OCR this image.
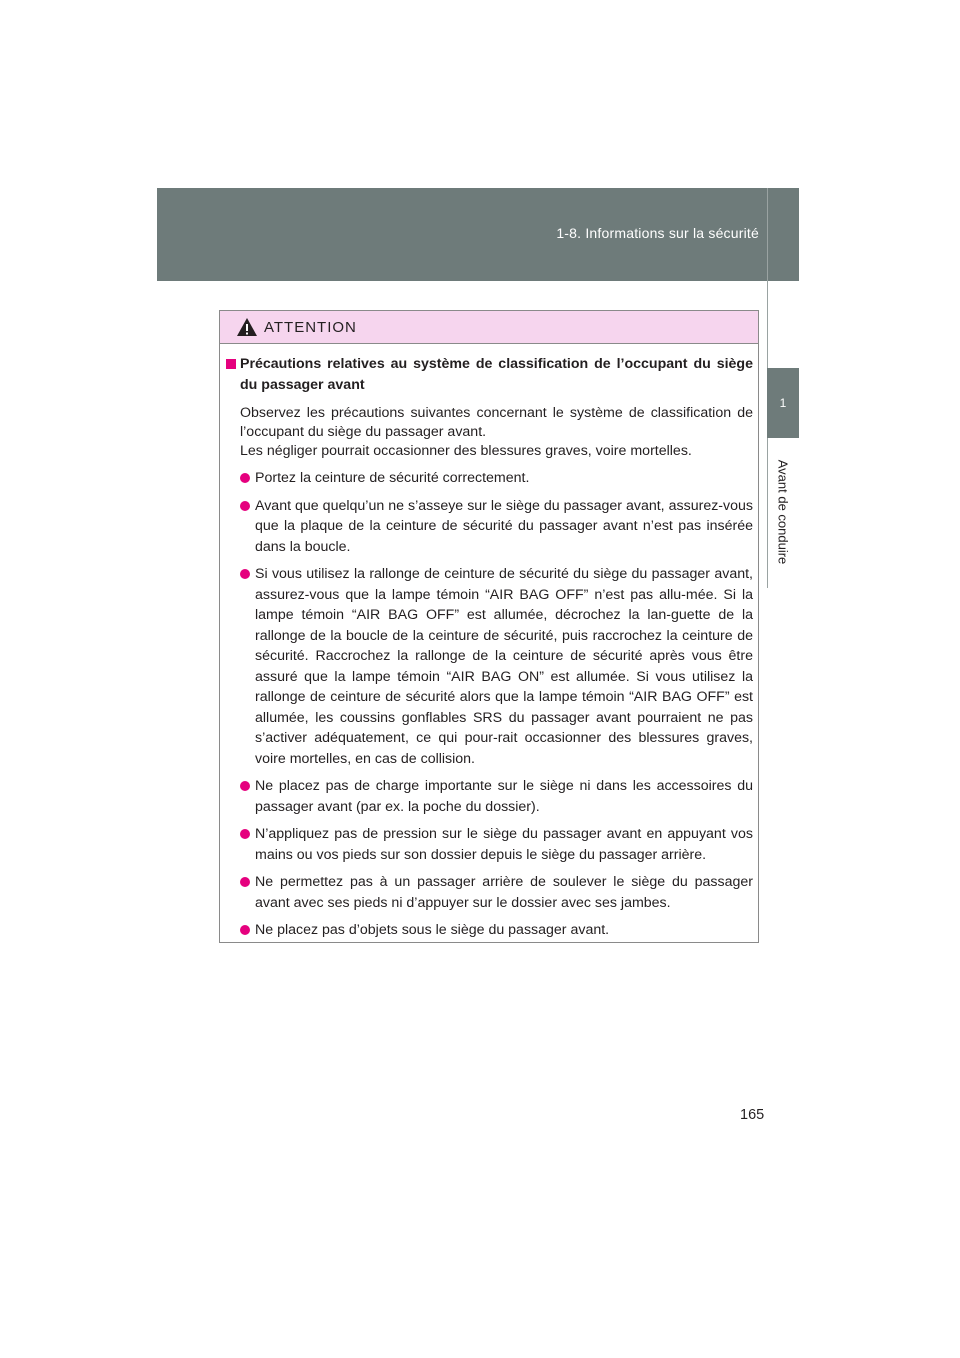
1-8. Informations sur la sécurité
1
Avant de conduire
ATTENTION
Précautions relatives au système de classification de l’occupant du siège du passager avant

Observez les précautions suivantes concernant le système de classification de l’occupant du siège du passager avant.

Les négliger pourrait occasionner des blessures graves, voire mortelles.

Portez la ceinture de sécurité correctement.
Avant que quelqu’un ne s’asseye sur le siège du passager avant, assurez-vous que la plaque de la ceinture de sécurité du passager avant n’est pas insérée dans la boucle.
Si vous utilisez la rallonge de ceinture de sécurité du siège du passager avant, assurez-vous que la lampe témoin “AIR BAG OFF” n’est pas allu-mée. Si la lampe témoin “AIR BAG OFF” est allumée, décrochez la lan-guette de la rallonge de la boucle de la ceinture de sécurité, puis raccrochez la ceinture de sécurité. Raccrochez la rallonge de la ceinture de sécurité après vous être assuré que la lampe témoin “AIR BAG ON” est allumée. Si vous utilisez la rallonge de ceinture de sécurité alors que la lampe témoin “AIR BAG OFF” est allumée, les coussins gonflables SRS du passager avant pourraient ne pas s’activer adéquatement, ce qui pour-rait occasionner des blessures graves, voire mortelles, en cas de collision.
Ne placez pas de charge importante sur le siège ni dans les accessoires du passager avant (par ex. la poche du dossier).
N’appliquez pas de pression sur le siège du passager avant en appuyant vos mains ou vos pieds sur son dossier depuis le siège du passager arrière.
Ne permettez pas à un passager arrière de soulever le siège du passager avant avec ses pieds ni d’appuyer sur le dossier avec ses jambes.
Ne placez pas d’objets sous le siège du passager avant.
165
